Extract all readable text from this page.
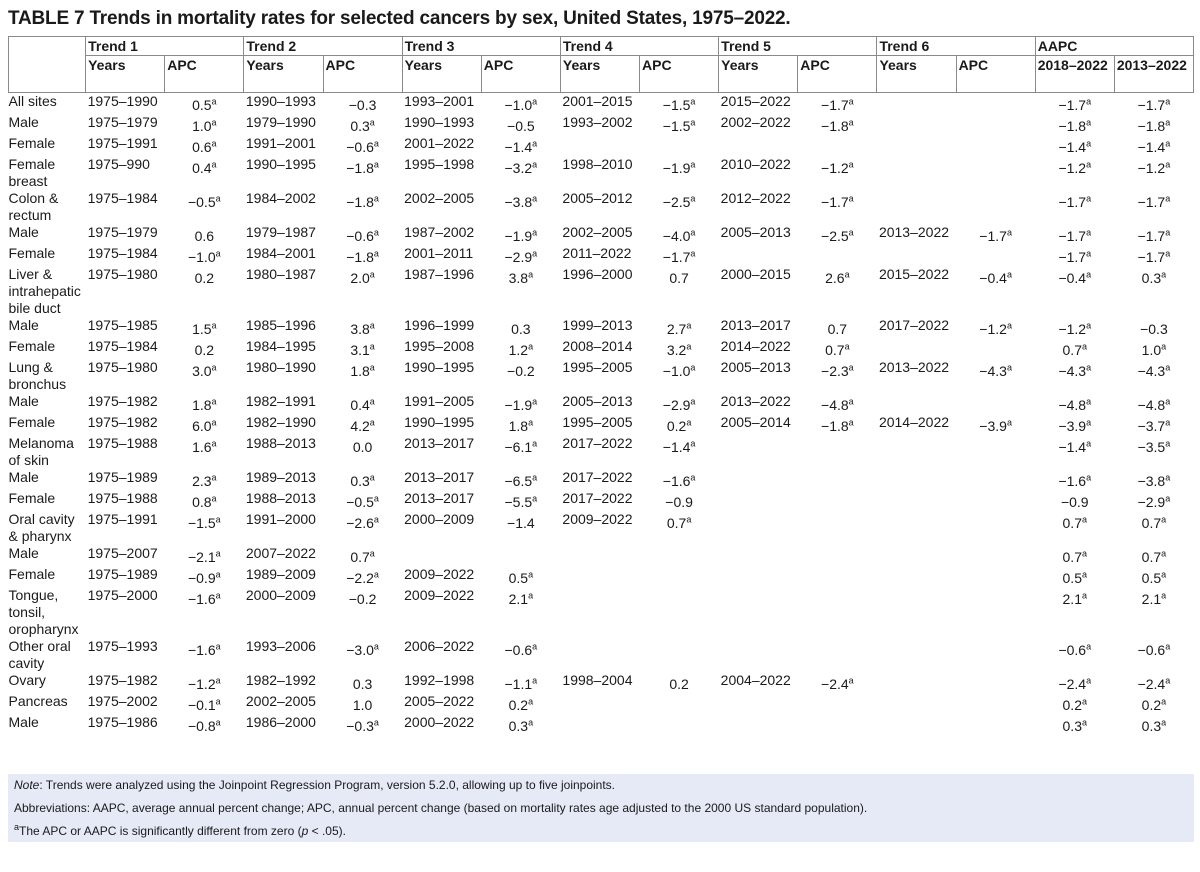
TABLE 7 Trends in mortality rates for selected cancers by sex, United States, 1975–2022.
	Trend 1		Trend 2		Trend 3		Trend 4		Trend 5		Trend 6		AAPC	
	Years	APC	Years	APC	Years	APC	Years	APC	Years	APC	Years	APC	2018–2022	2013–2022
All sites	1975–1990	0.5$^a$	1990–1993	−0.3	1993–2001	−1.0$^a$	2001–2015	−1.5$^a$	2015–2022	−1.7$^a$			−1.7$^a$	−1.7$^a$
Male	1975–1979	1.0$^a$	1979–1990	0.3$^a$	1990–1993	−0.5	1993–2002	−1.5$^a$	2002–2022	−1.8$^a$			−1.8$^a$	−1.8$^a$
Female	1975–1991	0.6$^a$	1991–2001	−0.6$^a$	2001–2022	−1.4$^a$							−1.4$^a$	−1.4$^a$
Female breast	1975–990	0.4$^a$	1990–1995	−1.8$^a$	1995–1998	−3.2$^a$	1998–2010	−1.9$^a$	2010–2022	−1.2$^a$			−1.2$^a$	−1.2$^a$
Colon & rectum	1975–1984	−0.5$^a$	1984–2002	−1.8$^a$	2002–2005	−3.8$^a$	2005–2012	−2.5$^a$	2012–2022	−1.7$^a$			−1.7$^a$	−1.7$^a$
Male	1975–1979	0.6	1979–1987	−0.6$^a$	1987–2002	−1.9$^a$	2002–2005	−4.0$^a$	2005–2013	−2.5$^a$	2013–2022	−1.7$^a$	−1.7$^a$	−1.7$^a$
Female	1975–1984	−1.0$^a$	1984–2001	−1.8$^a$	2001–2011	−2.9$^a$	2011–2022	−1.7$^a$					−1.7$^a$	−1.7$^a$
Liver & intrahepatic bile duct	1975–1980	0.2	1980–1987	2.0$^a$	1987–1996	3.8$^a$	1996–2000	0.7	2000–2015	2.6$^a$	2015–2022	−0.4$^a$	−0.4$^a$	0.3$^a$
Male	1975–1985	1.5$^a$	1985–1996	3.8$^a$	1996–1999	0.3	1999–2013	2.7$^a$	2013–2017	0.7	2017–2022	−1.2$^a$	−1.2$^a$	−0.3
Female	1975–1984	0.2	1984–1995	3.1$^a$	1995–2008	1.2$^a$	2008–2014	3.2$^a$	2014–2022	0.7$^a$			0.7$^a$	1.0$^a$
Lung & bronchus	1975–1980	3.0$^a$	1980–1990	1.8$^a$	1990–1995	−0.2	1995–2005	−1.0$^a$	2005–2013	−2.3$^a$	2013–2022	−4.3$^a$	−4.3$^a$	−4.3$^a$
Male	1975–1982	1.8$^a$	1982–1991	0.4$^a$	1991–2005	−1.9$^a$	2005–2013	−2.9$^a$	2013–2022	−4.8$^a$			−4.8$^a$	−4.8$^a$
Female	1975–1982	6.0$^a$	1982–1990	4.2$^a$	1990–1995	1.8$^a$	1995–2005	0.2$^a$	2005–2014	−1.8$^a$	2014–2022	−3.9$^a$	−3.9$^a$	−3.7$^a$
Melanoma of skin	1975–1988	1.6$^a$	1988–2013	0.0	2013–2017	−6.1$^a$	2017–2022	−1.4$^a$					−1.4$^a$	−3.5$^a$
Male	1975–1989	2.3$^a$	1989–2013	0.3$^a$	2013–2017	−6.5$^a$	2017–2022	−1.6$^a$					−1.6$^a$	−3.8$^a$
Female	1975–1988	0.8$^a$	1988–2013	−0.5$^a$	2013–2017	−5.5$^a$	2017–2022	−0.9					−0.9	−2.9$^a$
Oral cavity & pharynx	1975–1991	−1.5$^a$	1991–2000	−2.6$^a$	2000–2009	−1.4	2009–2022	0.7$^a$					0.7$^a$	0.7$^a$
Male	1975–2007	−2.1$^a$	2007–2022	0.7$^a$									0.7$^a$	0.7$^a$
Female	1975–1989	−0.9$^a$	1989–2009	−2.2$^a$	2009–2022	0.5$^a$							0.5$^a$	0.5$^a$
Tongue, tonsil, oropharynx	1975–2000	−1.6$^a$	2000–2009	−0.2	2009–2022	2.1$^a$							2.1$^a$	2.1$^a$
Other oral cavity	1975–1993	−1.6$^a$	1993–2006	−3.0$^a$	2006–2022	−0.6$^a$							−0.6$^a$	−0.6$^a$
Ovary	1975–1982	−1.2$^a$	1982–1992	0.3	1992–1998	−1.1$^a$	1998–2004	0.2	2004–2022	−2.4$^a$			−2.4$^a$	−2.4$^a$
Pancreas	1975–2002	−0.1$^a$	2002–2005	1.0	2005–2022	0.2$^a$							0.2$^a$	0.2$^a$
Male	1975–1986	−0.8$^a$	1986–2000	−0.3$^a$	2000–2022	0.3$^a$							0.3$^a$	0.3$^a$
Note: Trends were analyzed using the Joinpoint Regression Program, version 5.2.0, allowing up to five joinpoints.
Abbreviations: AAPC, average annual percent change; APC, annual percent change (based on mortality rates age adjusted to the 2000 US standard population).
$^a$The APC or AAPC is significantly different from zero (p < .05).
